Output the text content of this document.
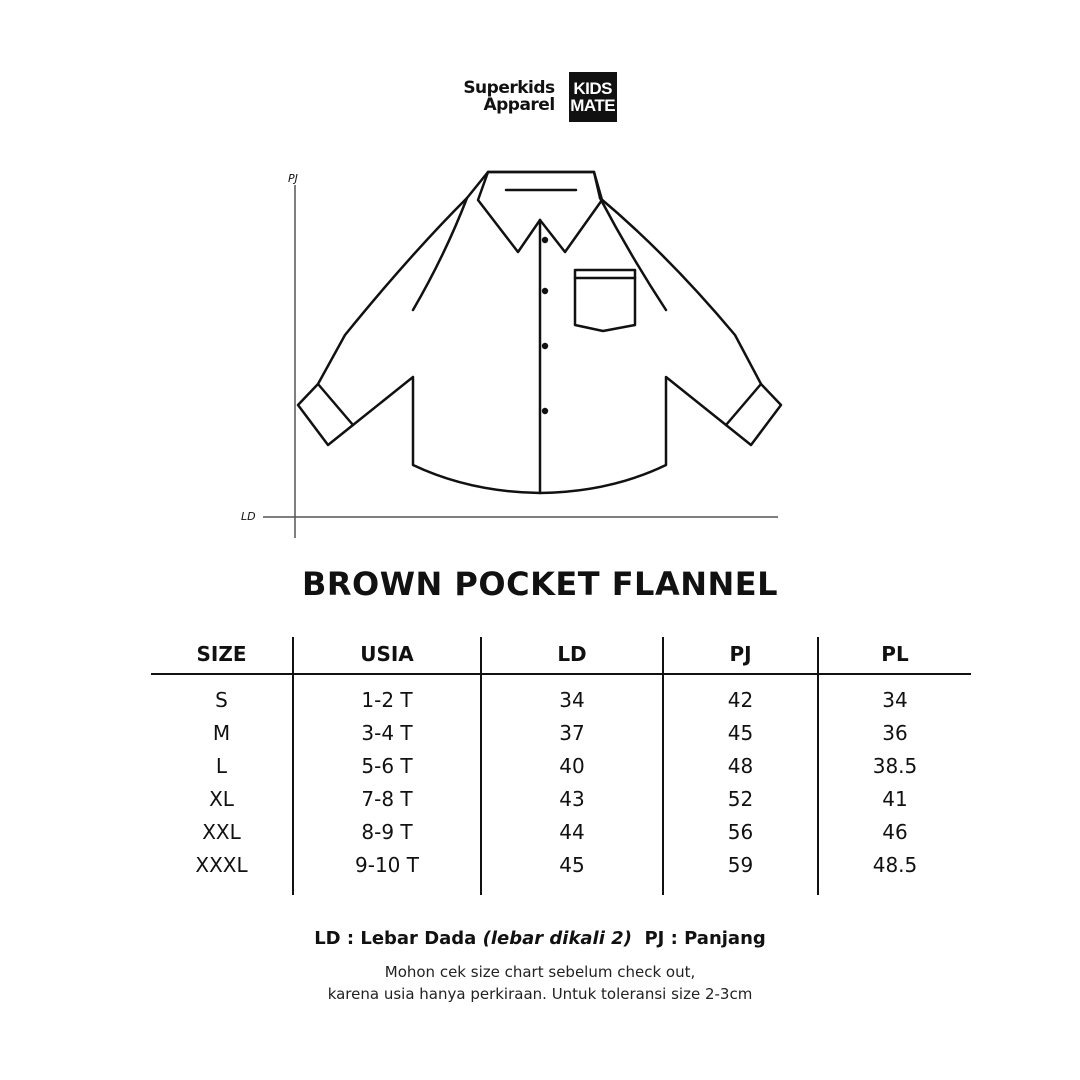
Superkids
Apparel
KIDS
MATE
PJ
LD
BROWN POCKET FLANNEL
SIZE	USIA	LD	PJ	PL
S	1-2 T	34	42	34
M	3-4 T	37	45	36
L	5-6 T	40	48	38.5
XL	7-8 T	43	52	41
XXL	8-9 T	44	56	46
XXXL	9-10 T	45	59	48.5
LD : Lebar Dada (lebar dikali 2) PJ : Panjang
Mohon cek size chart sebelum check out,
karena usia hanya perkiraan. Untuk toleransi size 2-3cm
